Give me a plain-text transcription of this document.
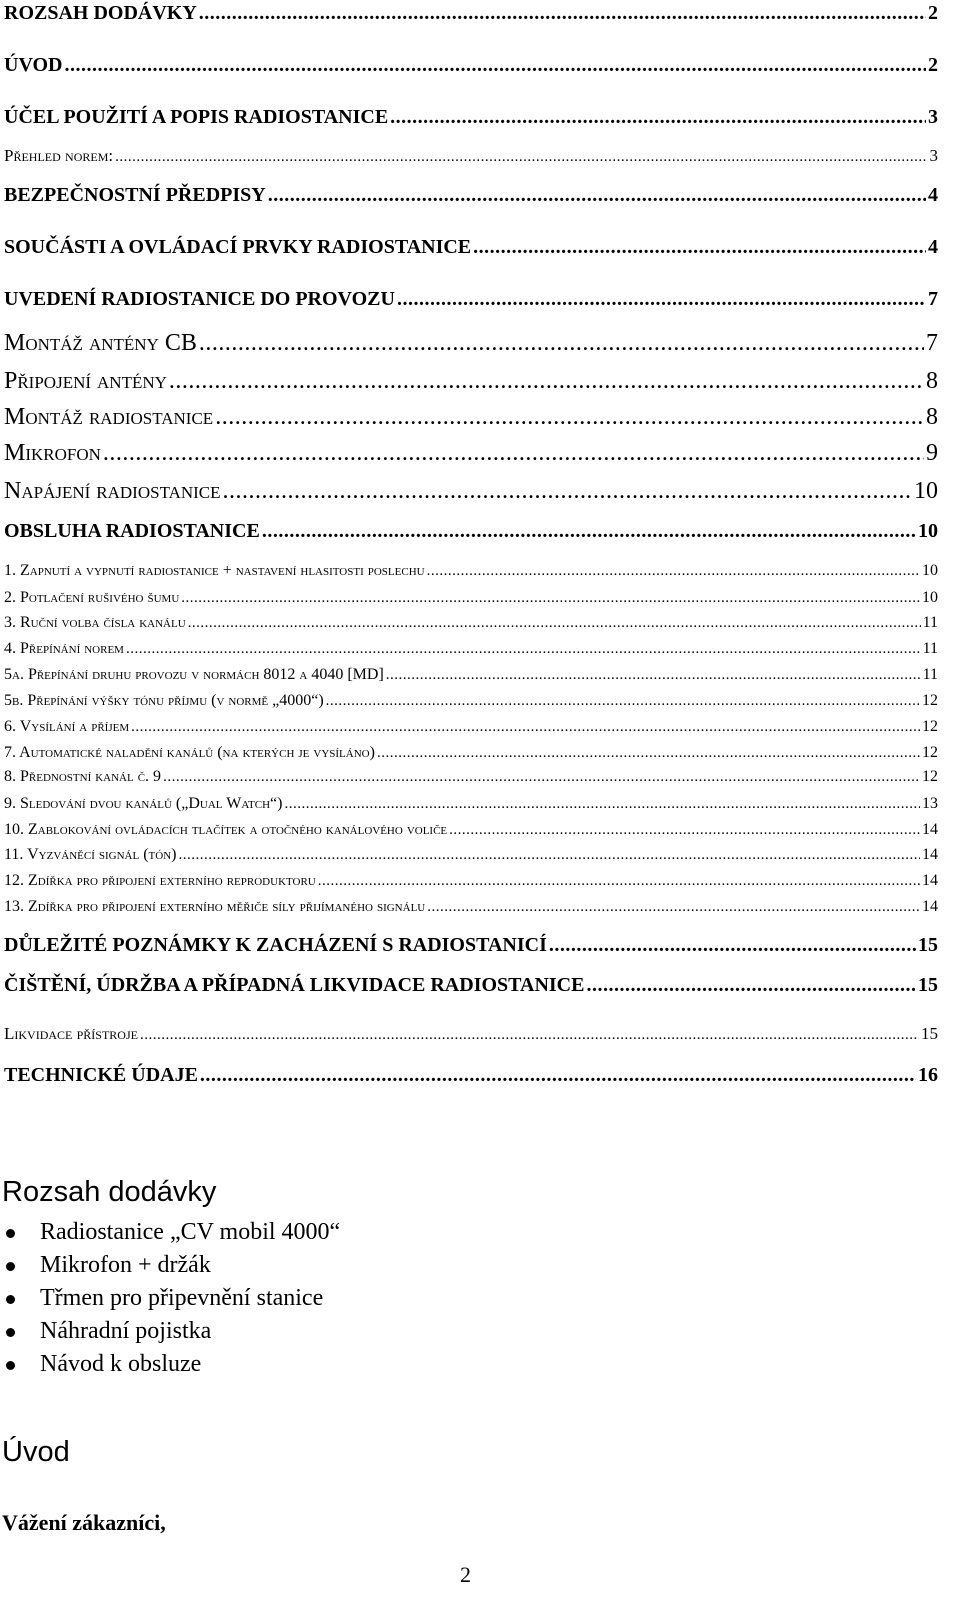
ROZSAH DODÁVKY .....	2
ÚVOD .....	2
ÚČEL POUŽITÍ A POPIS RADIOSTANICE .....	3
Přehled norem: .....	3
BEZPEČNOSTNÍ PŘEDPISY .....	4
SOUČÁSTI A OVLÁDACÍ PRVKY RADIOSTANICE .....	4
UVEDENÍ RADIOSTANICE DO PROVOZU .....	7
Montáž antény CB .....	7
Připojení antény .....	8
Montáž radiostanice .....	8
Mikrofon .....	9
Napájení radiostanice .....	10
OBSLUHA RADIOSTANICE .....	10
1. Zapnutí a vypnutí radiostanice + nastavení hlasitosti poslechu .....	10
2. Potlačení rušivého šumu .....	10
3. Ruční volba čísla kanálu .....	11
4. Přepínání norem .....	11
5a. Přepínání druhu provozu v normách 8012 a 4040 [MD] .....	11
5b. Přepínání výšky tónu příjmu (v normě „4000“) .....	12
6. Vysílání a příjem .....	12
7. Automatické naladění kanálů (na kterých je vysíláno) .....	12
8. Přednostní kanál č. 9 .....	12
9. Sledování dvou kanálů („Dual Watch“) .....	13
10. Zablokování ovládacích tlačítek a otočného kanálového voliče .....	14
11. Vyzváněcí signál (tón) .....	14
12. Zdířka pro připojení externího reproduktoru .....	14
13. Zdířka pro připojení externího měřiče síly přijímaného signálu .....	14
DŮLEŽITÉ POZNÁMKY K ZACHÁZENÍ S RADIOSTANICÍ .....	15
ČIŠTĚNÍ, ÚDRŽBA A PŘÍPADNÁ LIKVIDACE RADIOSTANICE .....	15
Likvidace přístroje .....	15
TECHNICKÉ ÚDAJE .....	16
Rozsah dodávky
Radiostanice „CV mobil 4000“
Mikrofon + držák
Třmen pro připevnění stanice
Náhradní pojistka
Návod k obsluze
Úvod
Vážení zákazníci,
2
